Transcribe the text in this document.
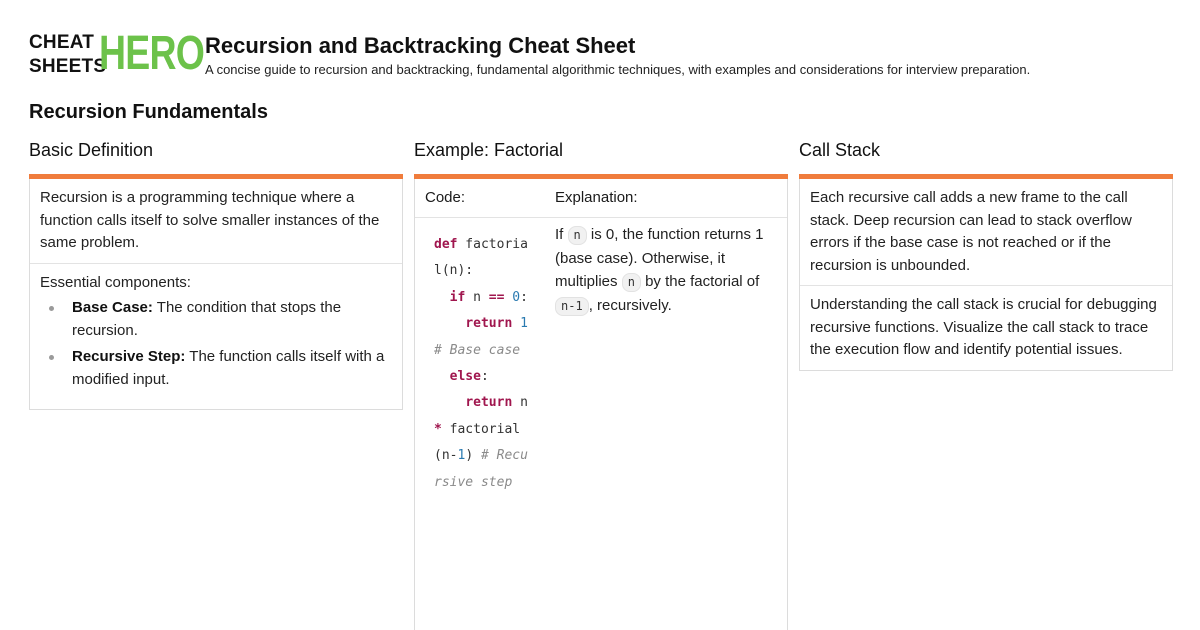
CHEAT
SHEETS
HERO Recursion and Backtracking Cheat Sheet
A concise guide to recursion and backtracking, fundamental algorithmic techniques, with examples and considerations for interview preparation.
Recursion Fundamentals
Basic Definition
Recursion is a programming technique where a function calls itself to solve smaller instances of the same problem.
Essential components:
Base Case: The condition that stops the recursion.
Recursive Step: The function calls itself with a modified input.
Example: Factorial
Code:	Explanation:
def factorial(n):
if n == 0:
return 1  # Base case
else:
return n * factorial(n-1) # Recursive step
If n is 0, the function returns 1 (base case). Otherwise, it multiplies n by the factorial of n-1 , recursively.
Call Stack
Each recursive call adds a new frame to the call stack. Deep recursion can lead to stack overflow errors if the base case is not reached or if the recursion is unbounded.
Understanding the call stack is crucial for debugging recursive functions. Visualize the call stack to trace the execution flow and identify potential issues.
